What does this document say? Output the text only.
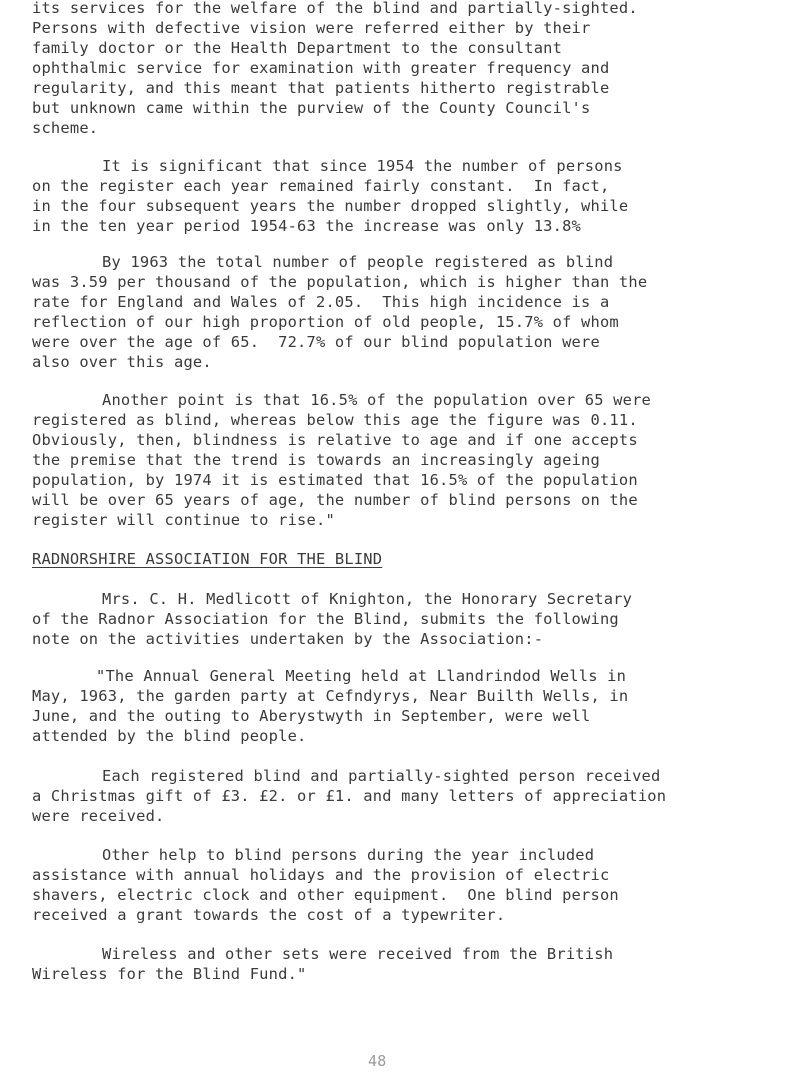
its services for the welfare of the blind and partially-sighted.
Persons with defective vision were referred either by their
family doctor or the Health Department to the consultant
ophthalmic service for examination with greater frequency and
regularity, and this meant that patients hitherto registrable
but unknown came within the purview of the County Council's
scheme.
It is significant that since 1954 the number of persons
on the register each year remained fairly constant.  In fact,
in the four subsequent years the number dropped slightly, while
in the ten year period 1954-63 the increase was only 13.8%
By 1963 the total number of people registered as blind
was 3.59 per thousand of the population, which is higher than the
rate for England and Wales of 2.05.  This high incidence is a
reflection of our high proportion of old people, 15.7% of whom
were over the age of 65.  72.7% of our blind population were
also over this age.
Another point is that 16.5% of the population over 65 were
registered as blind, whereas below this age the figure was 0.11.
Obviously, then, blindness is relative to age and if one accepts
the premise that the trend is towards an increasingly ageing
population, by 1974 it is estimated that 16.5% of the population
will be over 65 years of age, the number of blind persons on the
register will continue to rise."
RADNORSHIRE ASSOCIATION FOR THE BLIND
Mrs. C. H. Medlicott of Knighton, the Honorary Secretary
of the Radnor Association for the Blind, submits the following
note on the activities undertaken by the Association:-
"The Annual General Meeting held at Llandrindod Wells in
May, 1963, the garden party at Cefndyrys, Near Builth Wells, in
June, and the outing to Aberystwyth in September, were well
attended by the blind people.
Each registered blind and partially-sighted person received
a Christmas gift of £3. £2. or £1. and many letters of appreciation
were received.
Other help to blind persons during the year included
assistance with annual holidays and the provision of electric
shavers, electric clock and other equipment.  One blind person
received a grant towards the cost of a typewriter.
Wireless and other sets were received from the British
Wireless for the Blind Fund."
48
